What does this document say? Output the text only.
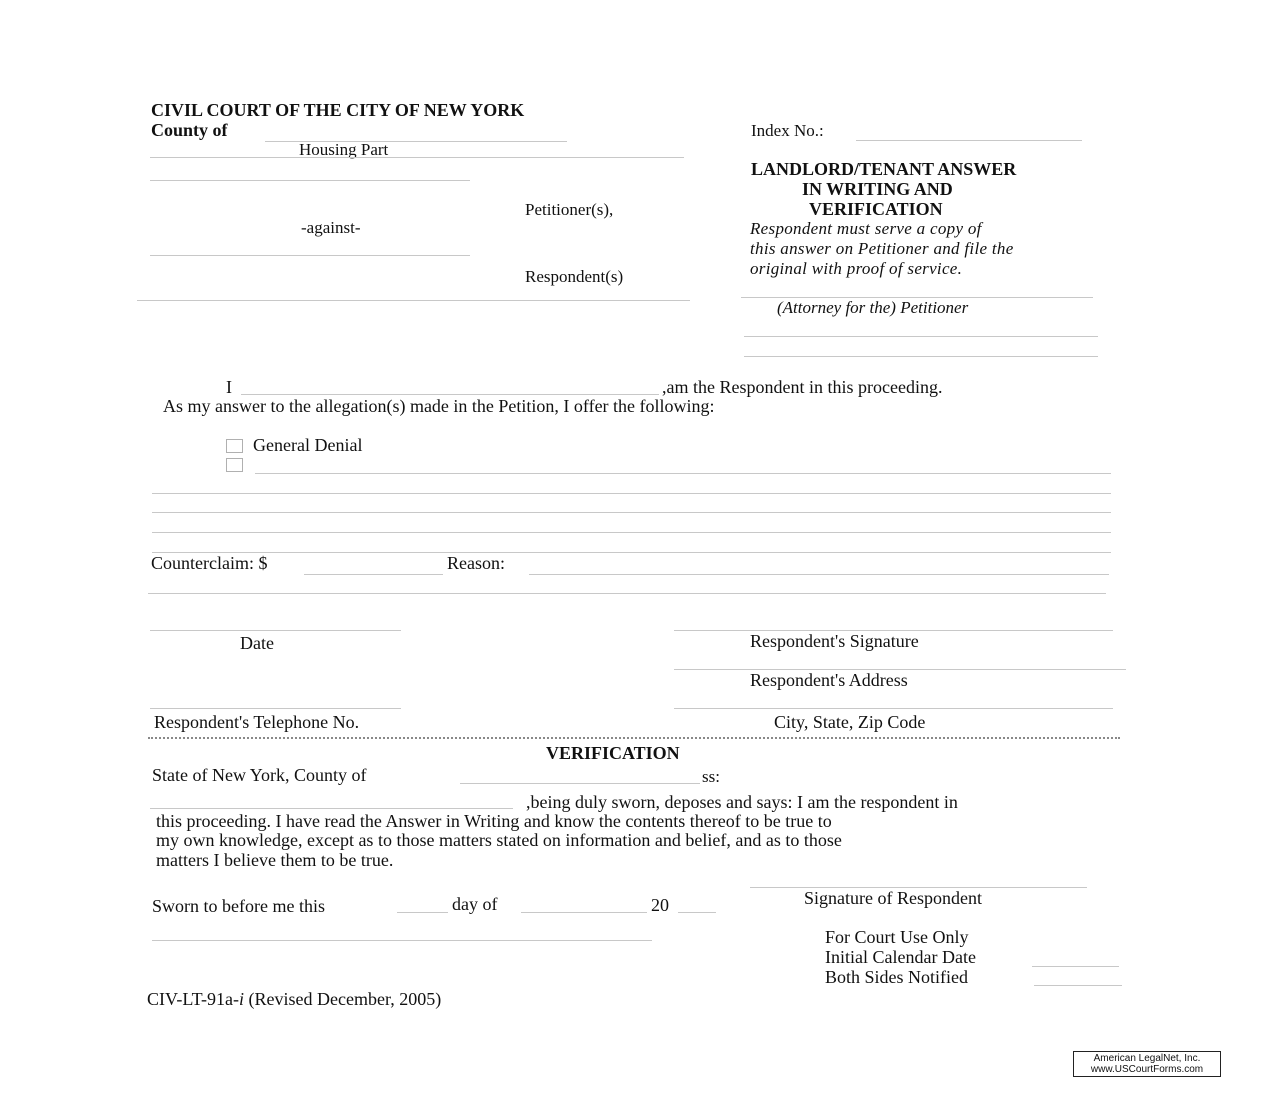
CIVIL COURT OF THE CITY OF NEW YORK
County of
Housing Part
Petitioner(s),
-against-
Respondent(s)
Index No.:
LANDLORD/TENANT ANSWER
IN WRITING AND
VERIFICATION
Respondent must serve a copy of
this answer on Petitioner and file the
original with proof of service.
(Attorney for the) Petitioner
I	,am the Respondent in this proceeding.
As my answer to the allegation(s) made in the Petition, I offer the following:
General Denial
Counterclaim: $	Reason:
Date	Respondent's Signature
Respondent's Address
Respondent's Telephone No.	City, State, Zip Code
VERIFICATION
State of New York, County of	ss:
,being duly sworn, deposes and says: I am the respondent in
this proceeding. I have read the Answer in Writing and know the contents thereof to be true to
my own knowledge, except as to those matters stated on information and belief, and as to those
matters I believe them to be true.
Signature of Respondent
Sworn to before me this	day of	20
For Court Use Only
Initial Calendar Date
Both Sides Notified
CIV-LT-91a-i (Revised December, 2005)
American LegalNet, Inc.
www.USCourtForms.com
